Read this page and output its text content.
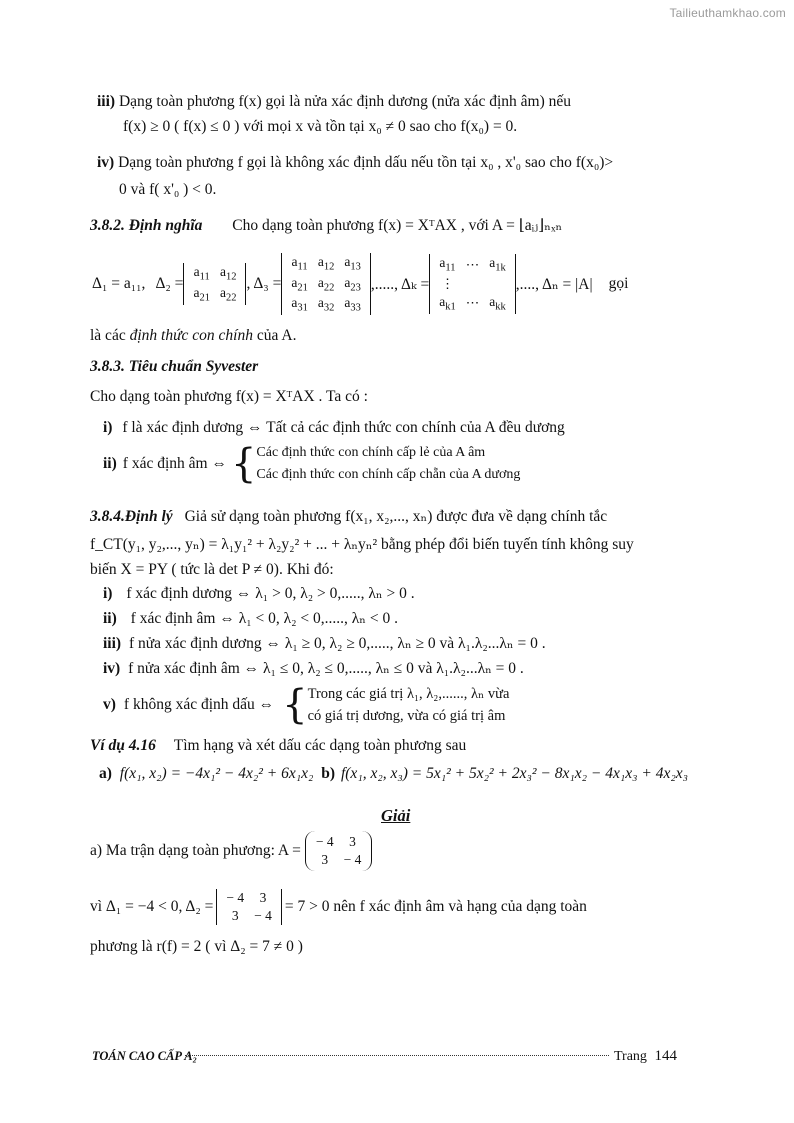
Tailieuthamkhao.com
iii) Dạng toàn phương f(x) gọi là nửa xác định dương (nửa xác định âm) nếu
f(x) ≥ 0 ( f(x) ≤ 0 ) với mọi x và tồn tại x₀ ≠ 0 sao cho f(x₀) = 0.
iv) Dạng toàn phương f gọi là không xác định dấu nếu tồn tại x₀ , x'₀ sao cho f(x₀)>
0 và f( x'₀ ) < 0.
3.8.2. Định nghĩa Cho dạng toàn phương f(x) = XᵀAX , với A = ⌊aᵢⱼ⌋ₙₓₙ
Δ₁ = a₁₁, Δ₂ =
$a_{11}$	$a_{12}$
$a_{21}$	$a_{22}$
, Δ₃ =
$a_{11}$	$a_{12}$	$a_{13}$
$a_{21}$	$a_{22}$	$a_{23}$
$a_{31}$	$a_{32}$	$a_{33}$
,....., Δₖ =
$a_{11}$	⋯	$a_{1k}$
⋮		
$a_{k1}$	⋯	$a_{kk}$
,...., Δₙ = |A| gọi
là các định thức con chính của A.
3.8.3. Tiêu chuẩn Syvester
Cho dạng toàn phương f(x) = XᵀAX . Ta có :
i) f là xác định dương ⇔ Tất cả các định thức con chính của A đều dương
ii) f xác định âm ⇔ { Các định thức con chính cấp lẻ của A âm
Các định thức con chính cấp chẵn của A dương
3.8.4.Định lý Giả sử dạng toàn phương f(x₁, x₂,..., xₙ) được đưa về dạng chính tắc
f_CT(y₁, y₂,..., yₙ) = λ₁y₁² + λ₂y₂² + ... + λₙyₙ² bằng phép đổi biến tuyến tính không suy
biến X = PY ( tức là det P ≠ 0). Khi đó:
i) f xác định dương ⇔ λ₁ > 0, λ₂ > 0,....., λₙ > 0 .
ii) f xác định âm ⇔ λ₁ < 0, λ₂ < 0,....., λₙ < 0 .
iii) f nửa xác định dương ⇔ λ₁ ≥ 0, λ₂ ≥ 0,....., λₙ ≥ 0 và λ₁.λ₂...λₙ = 0 .
iv) f nửa xác định âm ⇔ λ₁ ≤ 0, λ₂ ≤ 0,....., λₙ ≤ 0 và λ₁.λ₂...λₙ = 0 .
v) f không xác định dấu ⇔ { Trong các giá trị λ₁, λ₂,......, λₙ vừa
có giá trị dương, vừa có giá trị âm
Ví dụ 4.16 Tìm hạng và xét dấu các dạng toàn phương sau
a) f(x₁, x₂) = −4x₁² − 4x₂² + 6x₁x₂ b) f(x₁, x₂, x₃) = 5x₁² + 5x₂² + 2x₃² − 8x₁x₂ − 4x₁x₃ + 4x₂x₃
Giải
a) Ma trận dạng toàn phương: A =
− 4	3
3	− 4
vì Δ₁ = −4 < 0, Δ₂ =
− 4	3
3	− 4
= 7 > 0 nên f xác định âm và hạng của dạng toàn
phương là r(f) = 2 ( vì Δ₂ = 7 ≠ 0 )
TOÁN CAO CẤP A₂	Trang 144
